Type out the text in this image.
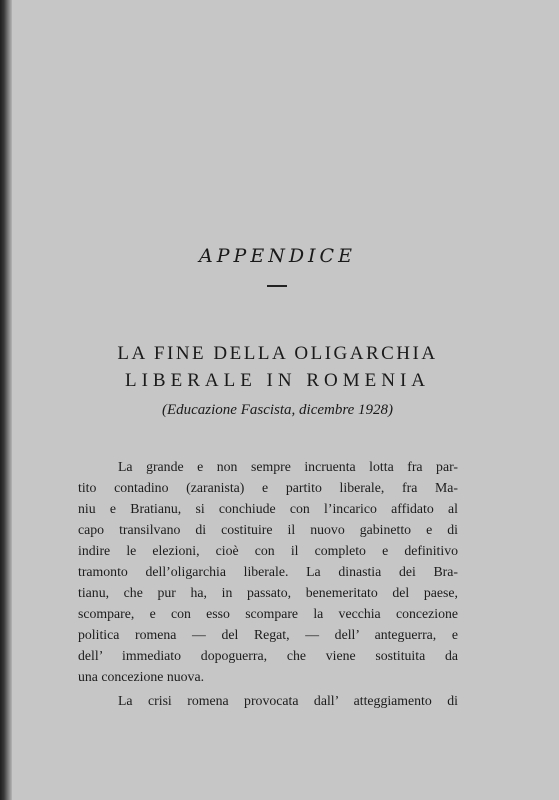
APPENDICE
LA FINE DELLA OLIGARCHIA
LIBERALE IN ROMENIA
(Educazione Fascista, dicembre 1928)
La grande e non sempre incruenta lotta fra par-
tito contadino (zaranista) e partito liberale, fra Ma-
niu e Bratianu, si conchiude con l’incarico affidato al
capo transilvano di costituire il nuovo gabinetto e di
indire le elezioni, cioè con il completo e definitivo
tramonto dell’oligarchia liberale. La dinastia dei Bra-
tianu, che pur ha, in passato, benemeritato del paese,
scompare, e con esso scompare la vecchia concezione
politica romena — del Regat, — dell’ anteguerra, e
dell’ immediato dopoguerra, che viene sostituita da
una concezione nuova.
La crisi romena provocata dall’ atteggiamento di
